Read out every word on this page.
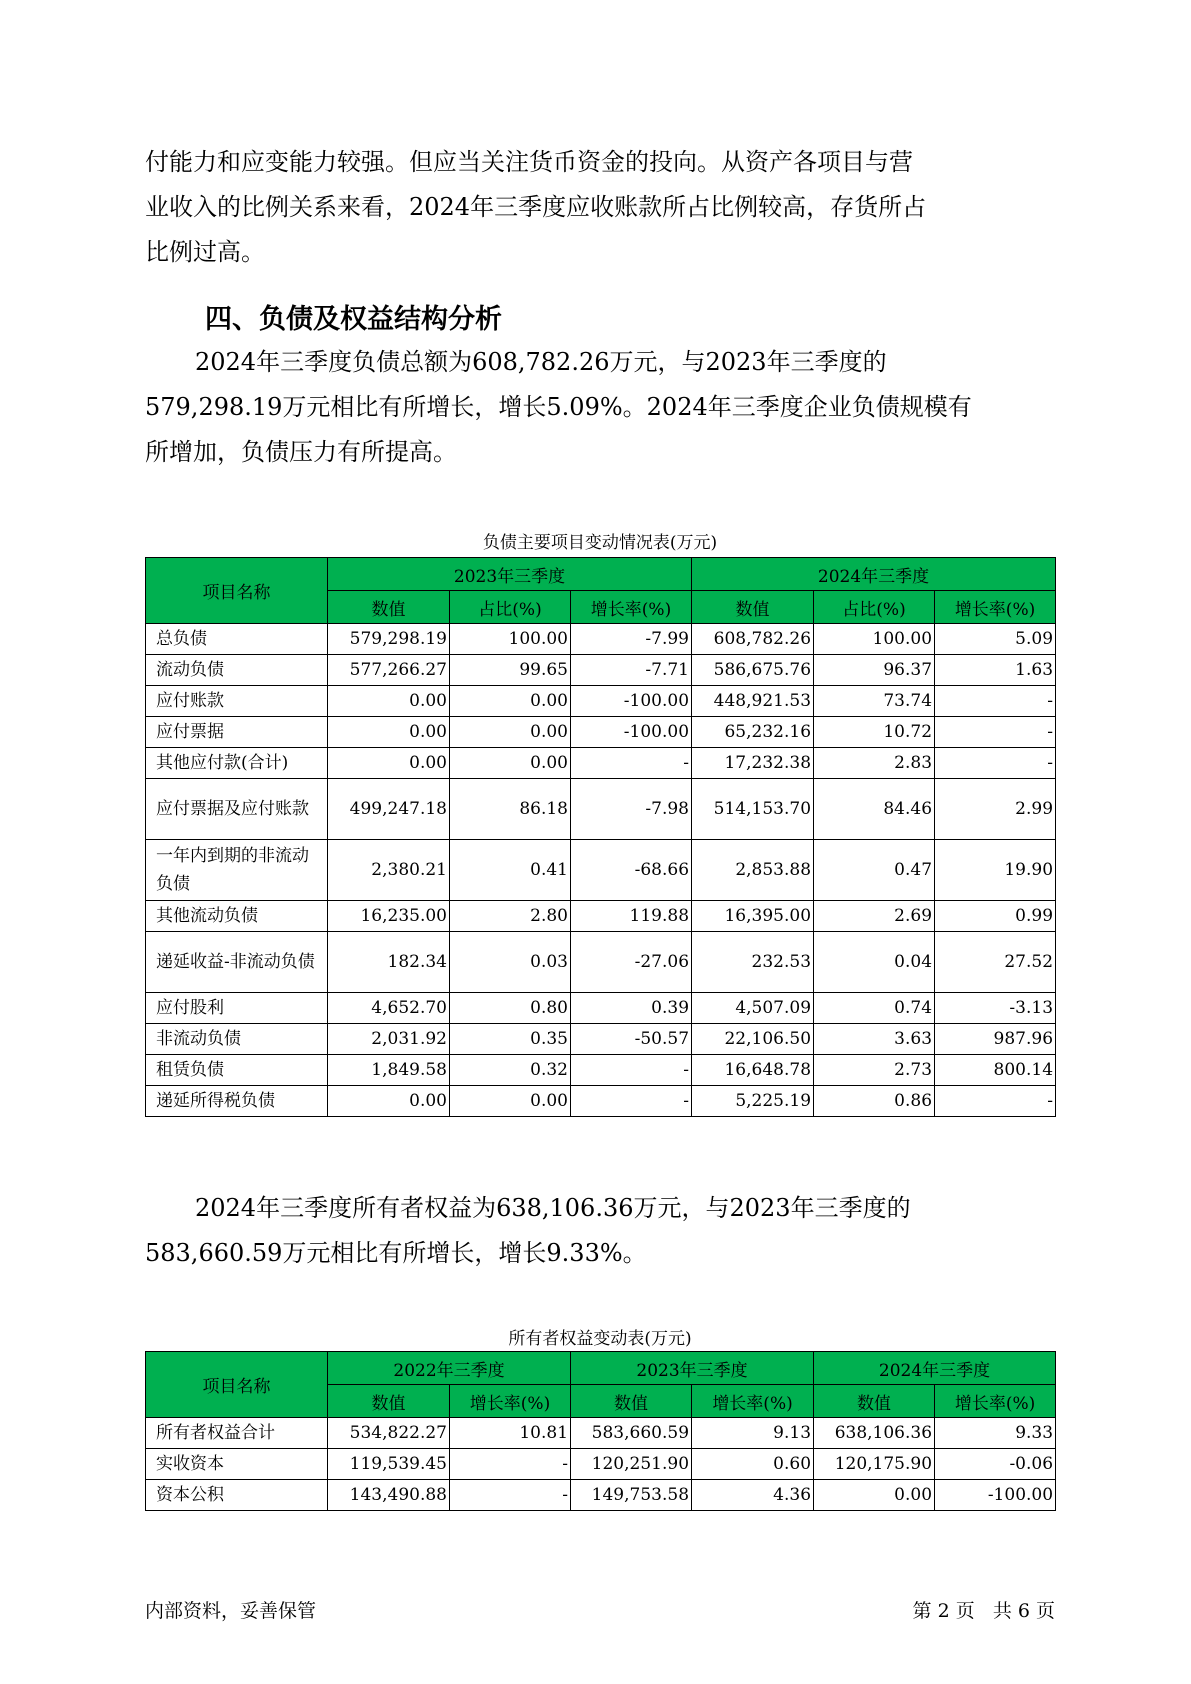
付能力和应变能力较强。但应当关注货币资金的投向。从资产各项目与营
业收入的比例关系来看，2024年三季度应收账款所占比例较高，存货所占
比例过高。

四、负债及权益结构分析

2024年三季度负债总额为608,782.26万元，与2023年三季度的
579,298.19万元相比有所增长，增长5.09%。2024年三季度企业负债规模有
所增加，负债压力有所提高。

负债主要项目变动情况表(万元)
项目名称	2023年三季度			2024年三季度		
	数值	占比(%)	增长率(%)	数值	占比(%)	增长率(%)
总负债	579,298.19	100.00	-7.99	608,782.26	100.00	5.09
流动负债	577,266.27	99.65	-7.71	586,675.76	96.37	1.63
应付账款	0.00	0.00	-100.00	448,921.53	73.74	-
应付票据	0.00	0.00	-100.00	65,232.16	10.72	-
其他应付款(合计)	0.00	0.00	-	17,232.38	2.83	-
应付票据及应付账款	499,247.18	86.18	-7.98	514,153.70	84.46	2.99
一年内到期的非流动负债	2,380.21	0.41	-68.66	2,853.88	0.47	19.90
其他流动负债	16,235.00	2.80	119.88	16,395.00	2.69	0.99
递延收益-非流动负债	182.34	0.03	-27.06	232.53	0.04	27.52
应付股利	4,652.70	0.80	0.39	4,507.09	0.74	-3.13
非流动负债	2,031.92	0.35	-50.57	22,106.50	3.63	987.96
租赁负债	1,849.58	0.32	-	16,648.78	2.73	800.14
递延所得税负债	0.00	0.00	-	5,225.19	0.86	-

2024年三季度所有者权益为638,106.36万元，与2023年三季度的
583,660.59万元相比有所增长，增长9.33%。

所有者权益变动表(万元)
项目名称	2022年三季度		2023年三季度		2024年三季度	
	数值	增长率(%)	数值	增长率(%)	数值	增长率(%)
所有者权益合计	534,822.27	10.81	583,660.59	9.13	638,106.36	9.33
实收资本	119,539.45	-	120,251.90	0.60	120,175.90	-0.06
资本公积	143,490.88	-	149,753.58	4.36	0.00	-100.00
内部资料，妥善保管	第 2 页   共 6 页
